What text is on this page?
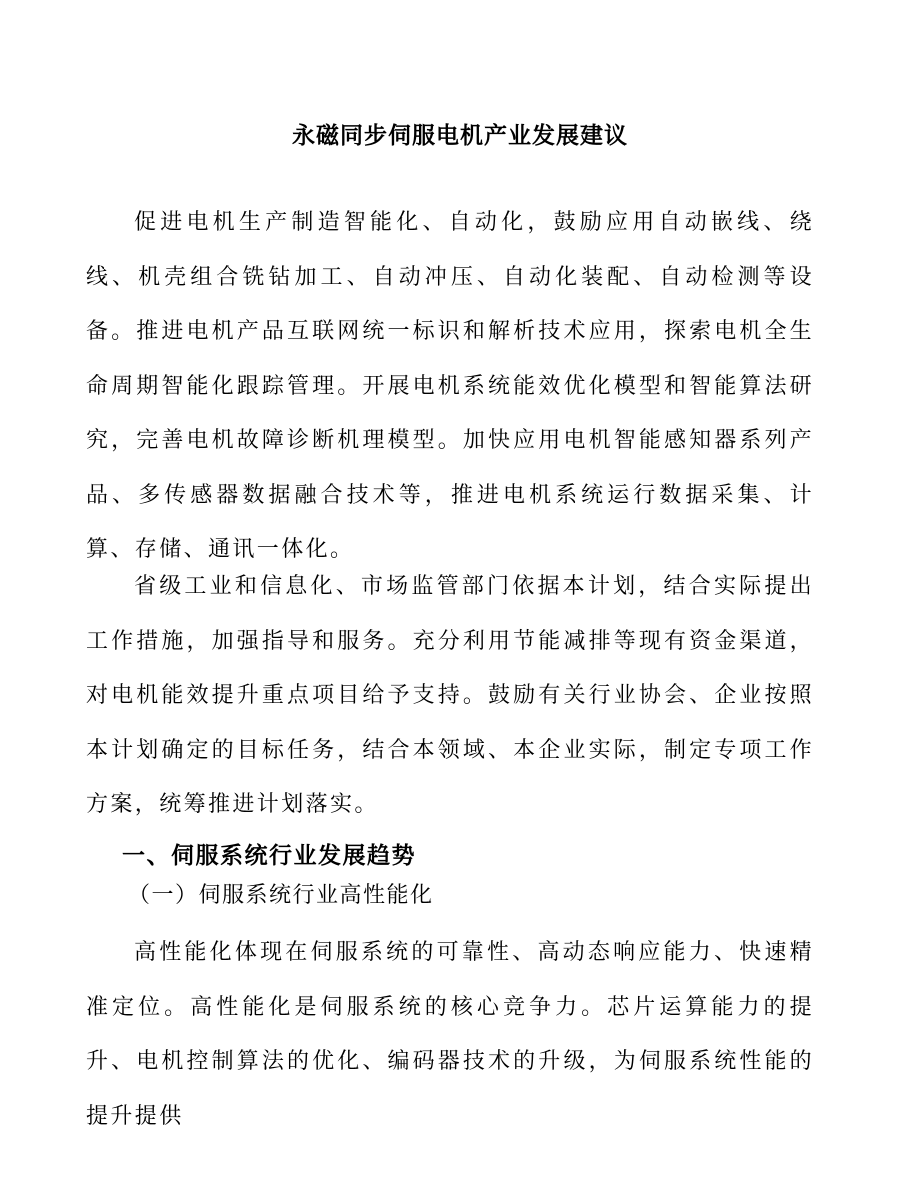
永磁同步伺服电机产业发展建议

促进电机生产制造智能化、自动化，鼓励应用自动嵌线、绕线、机壳组合铣钻加工、自动冲压、自动化装配、自动检测等设备。推进电机产品互联网统一标识和解析技术应用，探索电机全生命周期智能化跟踪管理。开展电机系统能效优化模型和智能算法研究，完善电机故障诊断机理模型。加快应用电机智能感知器系列产品、多传感器数据融合技术等，推进电机系统运行数据采集、计算、存储、通讯一体化。

省级工业和信息化、市场监管部门依据本计划，结合实际提出工作措施，加强指导和服务。充分利用节能减排等现有资金渠道，对电机能效提升重点项目给予支持。鼓励有关行业协会、企业按照本计划确定的目标任务，结合本领域、本企业实际，制定专项工作方案，统筹推进计划落实。

一、伺服系统行业发展趋势
（一）伺服系统行业高性能化

高性能化体现在伺服系统的可靠性、高动态响应能力、快速精准定位。高性能化是伺服系统的核心竞争力。芯片运算能力的提升、电机控制算法的优化、编码器技术的升级，为伺服系统性能的提升提供
